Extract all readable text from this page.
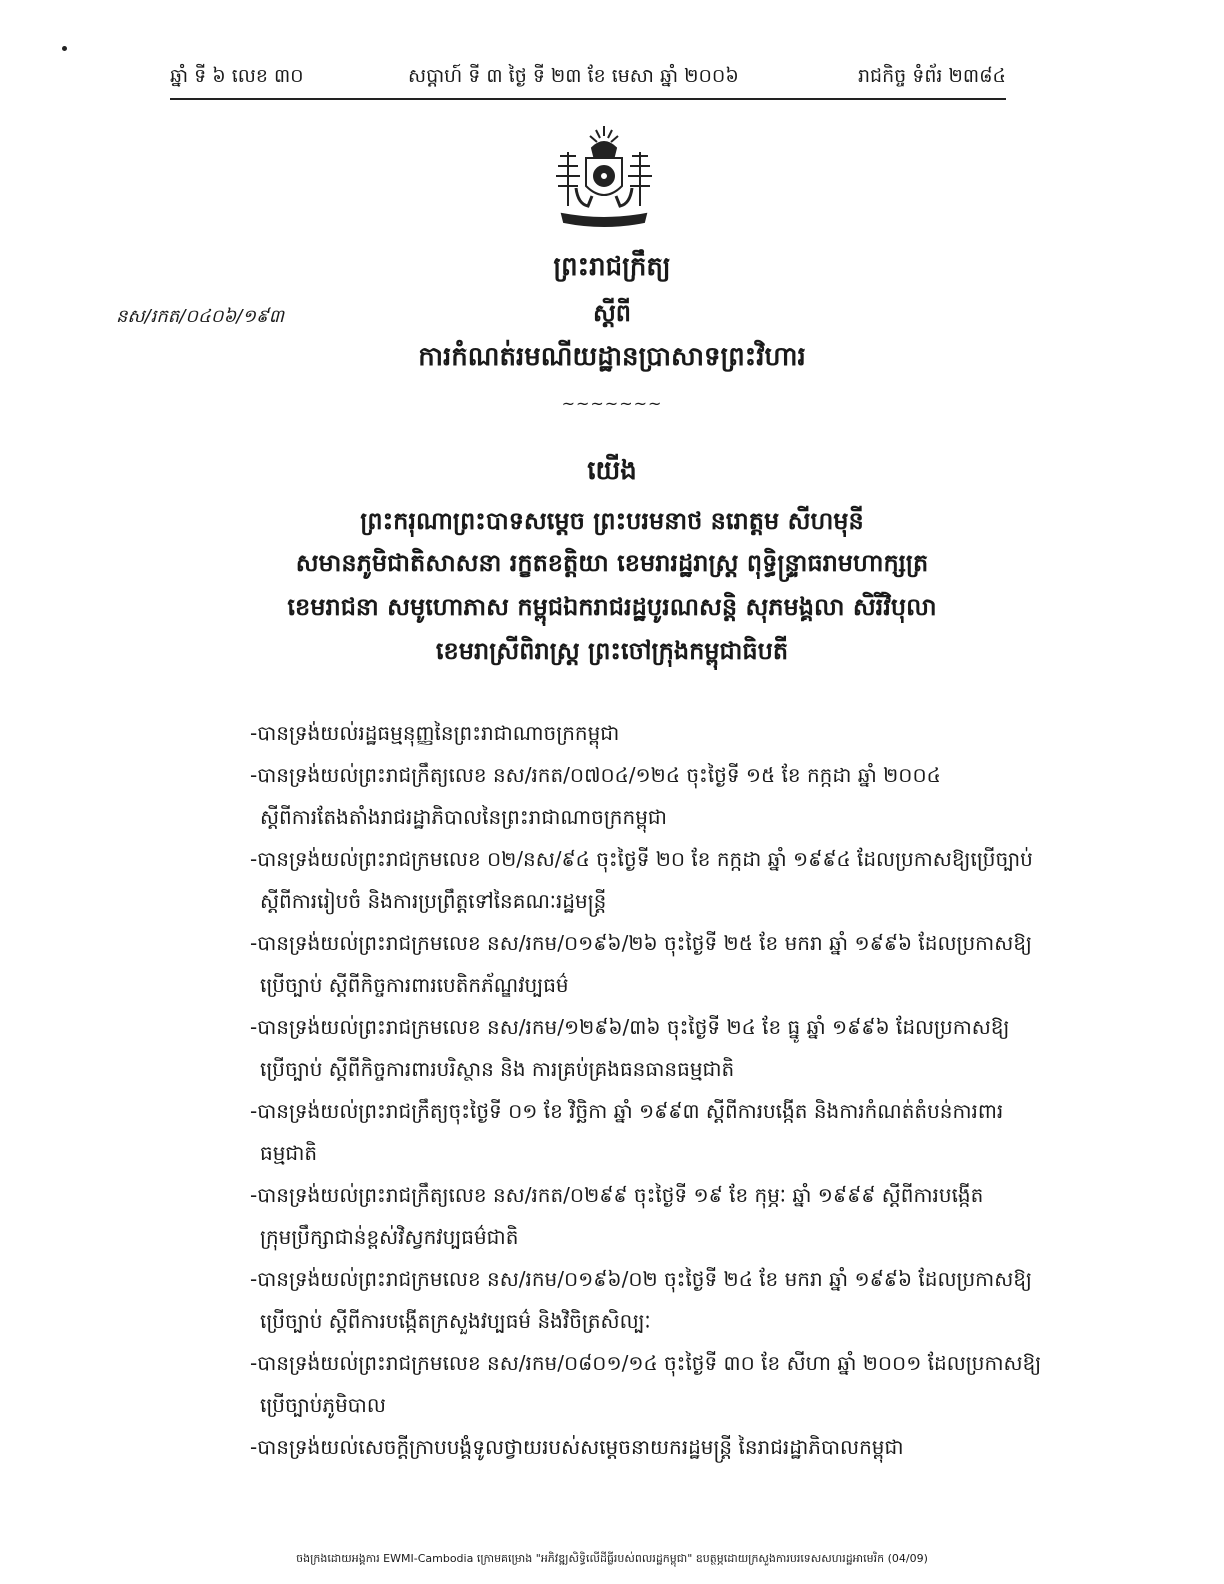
ឆ្នាំ ទី ៦ លេខ ៣០	សប្តាហ៍ ទី ៣ ថ្ងៃ ទី ២៣ ខែ មេសា ឆ្នាំ ២០០៦	រាជកិច្ច ទំព័រ ២៣៨៤
ព្រះរាជក្រឹត្យ
នស/រកត/០៤០៦/១៩៣	ស្តីពី
ការកំណត់រមណីយដ្ឋានប្រាសាទព្រះវិហារ
~~~~~~~
យើង
ព្រះករុណាព្រះបាទសម្តេច ព្រះបរមនាថ នរោត្តម សីហមុនី
សមានភូមិជាតិសាសនា រក្ខតខត្តិយា ខេមរារដ្ឋរាស្ត្រ ពុទ្ធិន្ទ្រាធរាមហាក្សត្រ
ខេមរាជនា សមូហោភាស កម្ពុជឯករាជរដ្ឋបូរណសន្តិ សុភមង្គលា សិរីវិបុលា
ខេមរាស្រីពិរាស្ត្រ ព្រះចៅក្រុងកម្ពុជាធិបតី
-បានទ្រង់យល់រដ្ឋធម្មនុញ្ញនៃព្រះរាជាណាចក្រកម្ពុជា
-បានទ្រង់យល់ព្រះរាជក្រឹត្យលេខ នស/រកត/០៧០៤/១២៤ ចុះថ្ងៃទី ១៥ ខែ កក្កដា ឆ្នាំ ២០០៤
ស្តីពីការតែងតាំងរាជរដ្ឋាភិបាលនៃព្រះរាជាណាចក្រកម្ពុជា
-បានទ្រង់យល់ព្រះរាជក្រមលេខ ០២/នស/៩៤ ចុះថ្ងៃទី ២០ ខែ កក្កដា ឆ្នាំ ១៩៩៤ ដែលប្រកាសឱ្យប្រើច្បាប់
ស្តីពីការរៀបចំ និងការប្រព្រឹត្តទៅនៃគណៈរដ្ឋមន្ត្រី
-បានទ្រង់យល់ព្រះរាជក្រមលេខ នស/រកម/០១៩៦/២៦ ចុះថ្ងៃទី ២៥ ខែ មករា ឆ្នាំ ១៩៩៦ ដែលប្រកាសឱ្យ
ប្រើច្បាប់ ស្តីពីកិច្ចការពារបេតិកភ័ណ្ឌវប្បធម៌
-បានទ្រង់យល់ព្រះរាជក្រមលេខ នស/រកម/១២៩៦/៣៦ ចុះថ្ងៃទី ២៤ ខែ ធ្នូ ឆ្នាំ ១៩៩៦ ដែលប្រកាសឱ្យ
ប្រើច្បាប់ ស្តីពីកិច្ចការពារបរិស្ថាន និង ការគ្រប់គ្រងធនធានធម្មជាតិ
-បានទ្រង់យល់ព្រះរាជក្រឹត្យចុះថ្ងៃទី ០១ ខែ វិច្ឆិកា ឆ្នាំ ១៩៩៣ ស្តីពីការបង្កើត និងការកំណត់តំបន់ការពារ
ធម្មជាតិ
-បានទ្រង់យល់ព្រះរាជក្រឹត្យលេខ នស/រកត/០២៩៩ ចុះថ្ងៃទី ១៩ ខែ កុម្ភៈ ឆ្នាំ ១៩៩៩ ស្តីពីការបង្កើត
ក្រុមប្រឹក្សាជាន់ខ្ពស់វិស្វកវប្បធម៌ជាតិ
-បានទ្រង់យល់ព្រះរាជក្រមលេខ នស/រកម/០១៩៦/០២ ចុះថ្ងៃទី ២៤ ខែ មករា ឆ្នាំ ១៩៩៦ ដែលប្រកាសឱ្យ
ប្រើច្បាប់ ស្តីពីការបង្កើតក្រសួងវប្បធម៌ និងវិចិត្រសិល្បៈ
-បានទ្រង់យល់ព្រះរាជក្រមលេខ នស/រកម/០៨០១/១៤ ចុះថ្ងៃទី ៣០ ខែ សីហា ឆ្នាំ ២០០១ ដែលប្រកាសឱ្យ
ប្រើច្បាប់ភូមិបាល
-បានទ្រង់យល់សេចក្តីក្រាបបង្គំទូលថ្វាយរបស់សម្តេចនាយករដ្ឋមន្ត្រី នៃរាជរដ្ឋាភិបាលកម្ពុជា
ចងក្រងដោយអង្គការ EWMI-Cambodia ក្រោមគម្រោង "អភិវឌ្ឍសិទ្ធិលើដីធ្លីរបស់ពលរដ្ឋកម្ពុជា" ឧបត្ថម្ភដោយក្រសួងការបរទេសសហរដ្ឋអាមេរិក (04/09)
